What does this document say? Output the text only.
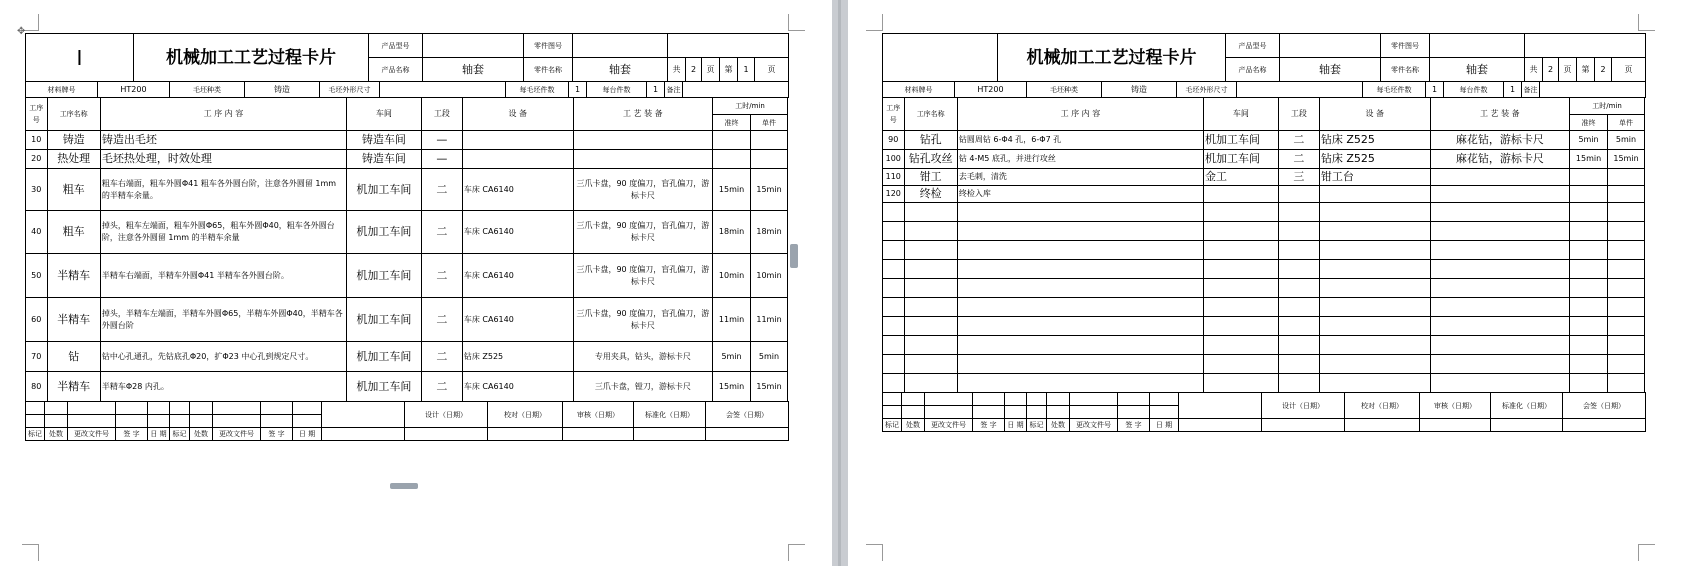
✥
Ⅰ	机械加工工艺过程卡片	产品型号		零件图号							
		产品名称	轴套	零件名称	轴套	共	2	页	第	1	页
材料牌号	HT200	毛坯种类	铸造	毛坯外形尺寸		每毛坯件数	1	每台件数	1	备注	
工序号	工序名称	工 序 内 容	车间	工段	设 备	工 艺 装 备	工时/min	
							准终	单件
10	铸造	铸造出毛坯	铸造车间	—				
20	热处理	毛坯热处理，时效处理	铸造车间	—				
30	粗车	粗车右端面，粗车外圆Φ41 粗车各外圆台阶，注意各外圆留 1mm 的半精车余量。	机加工车间	二	车床 CA6140	三爪卡盘，90 度偏刀，盲孔偏刀，游标卡尺	15min	15min
40	粗车	掉头，粗车左端面，粗车外圆Φ65，粗车外圆Φ40，粗车各外圆台阶，注意各外圆留 1mm 的半精车余量	机加工车间	二	车床 CA6140	三爪卡盘，90 度偏刀，盲孔偏刀，游标卡尺	18min	18min
50	半精车	半精车右端面，半精车外圆Φ41 半精车各外圆台阶。	机加工车间	二	车床 CA6140	三爪卡盘，90 度偏刀，盲孔偏刀，游标卡尺	10min	10min
60	半精车	掉头，半精车左端面，半精车外圆Φ65，半精车外圆Φ40，半精车各外圆台阶	机加工车间	二	车床 CA6140	三爪卡盘，90 度偏刀，盲孔偏刀，游标卡尺	11min	11min
70	钻	钻中心孔通孔，先钻底孔Φ20，扩Φ23 中心孔到规定尺寸。	机加工车间	二	钻床 Z525	专用夹具，钻头，游标卡尺	5min	5min
80	半精车	半精车Φ28 内孔。	机加工车间	二	车床 CA6140	三爪卡盘，镗刀，游标卡尺	15min	15min
											设计（日期）	校对（日期）	审核（日期）	标准化（日期）	会签（日期）

标记	处数	更改文件号	签 字	日 期	标记	处数	更改文件号	签 字	日 期						
	机械加工工艺过程卡片	产品型号		零件图号							
		产品名称	轴套	零件名称	轴套	共	2	页	第	2	页
材料牌号	HT200	毛坯种类	铸造	毛坯外形尺寸		每毛坯件数	1	每台件数	1	备注	
工序号	工序名称	工 序 内 容	车间	工段	设 备	工 艺 装 备	工时/min	
							准终	单件
90	钻孔	钻圆周钻 6-Φ4 孔，6-Φ7 孔	机加工车间	二	钻床 Z525	麻花钻，游标卡尺	5min	5min
100	钻孔攻丝	钻 4-M5 底孔，并进行攻丝	机加工车间	二	钻床 Z525	麻花钻，游标卡尺	15min	15min
110	钳工	去毛刺，清洗	金工	三	钳工台			
120	终检	终检入库						

											设计（日期）	校对（日期）	审核（日期）	标准化（日期）	会签（日期）

标记	处数	更改文件号	签 字	日 期	标记	处数	更改文件号	签 字	日 期						
